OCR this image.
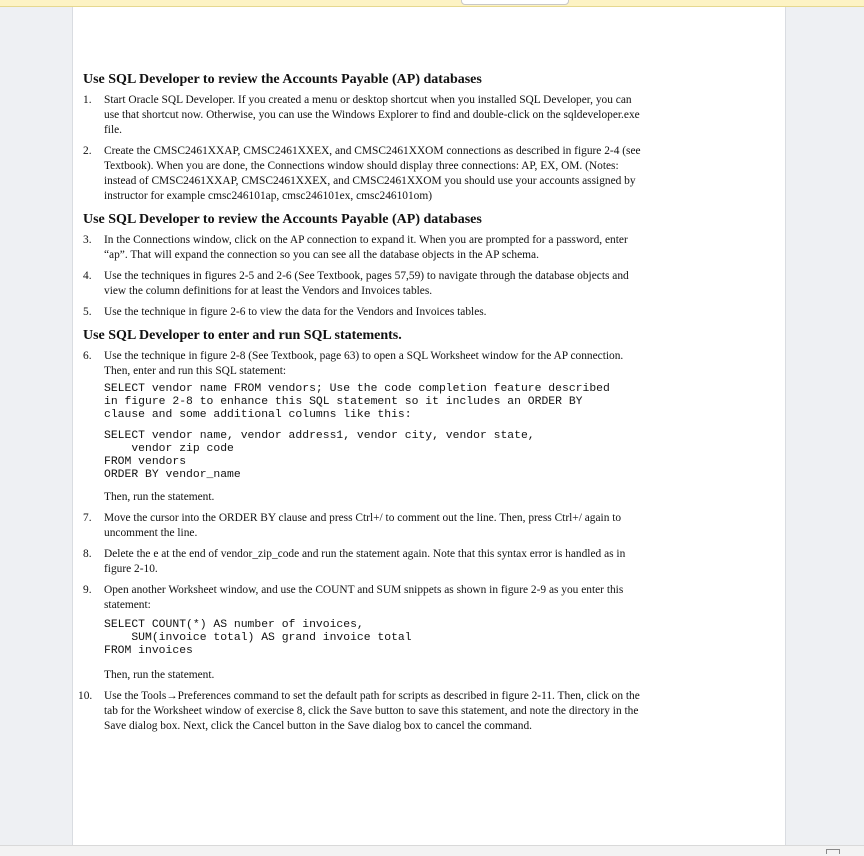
Use SQL Developer to review the Accounts Payable (AP) databases

1. Start Oracle SQL Developer. If you created a menu or desktop shortcut when you installed SQL Developer, you can use that shortcut now. Otherwise, you can use the Windows Explorer to find and double-click on the sqldeveloper.exe file.
2. Create the CMSC2461XXAP, CMSC2461XXEX, and CMSC2461XXOM connections as described in figure 2-4 (see Textbook). When you are done, the Connections window should display three connections: AP, EX, OM. (Notes: instead of CMSC2461XXAP, CMSC2461XXEX, and CMSC2461XXOM you should use your accounts assigned by instructor for example cmsc246101ap, cmsc246101ex, cmsc246101om)

Use SQL Developer to review the Accounts Payable (AP) databases

3. In the Connections window, click on the AP connection to expand it. When you are prompted for a password, enter “ap”. That will expand the connection so you can see all the database objects in the AP schema.
4. Use the techniques in figures 2-5 and 2-6 (See Textbook, pages 57,59) to navigate through the database objects and view the column definitions for at least the Vendors and Invoices tables.
5. Use the technique in figure 2-6 to view the data for the Vendors and Invoices tables.

Use SQL Developer to enter and run SQL statements.

6. Use the technique in figure 2-8 (See Textbook, page 63) to open a SQL Worksheet window for the AP connection. Then, enter and run this SQL statement:
SELECT vendor name FROM vendors; Use the code completion feature described
in figure 2-8 to enhance this SQL statement so it includes an ORDER BY
clause and some additional columns like this:
SELECT vendor name, vendor address1, vendor city, vendor state,
vendor zip code
FROM vendors
ORDER BY vendor_name
Then, run the statement.
7. Move the cursor into the ORDER BY clause and press Ctrl+/ to comment out the line. Then, press Ctrl+/ again to uncomment the line.
8. Delete the e at the end of vendor_zip_code and run the statement again. Note that this syntax error is handled as in figure 2-10.
9. Open another Worksheet window, and use the COUNT and SUM snippets as shown in figure 2-9 as you enter this statement:
SELECT COUNT(*) AS number of invoices,
SUM(invoice total) AS grand invoice total
FROM invoices
Then, run the statement.
10. Use the Tools→Preferences command to set the default path for scripts as described in figure 2-11. Then, click on the tab for the Worksheet window of exercise 8, click the Save button to save this statement, and note the directory in the Save dialog box. Next, click the Cancel button in the Save dialog box to cancel the command.
